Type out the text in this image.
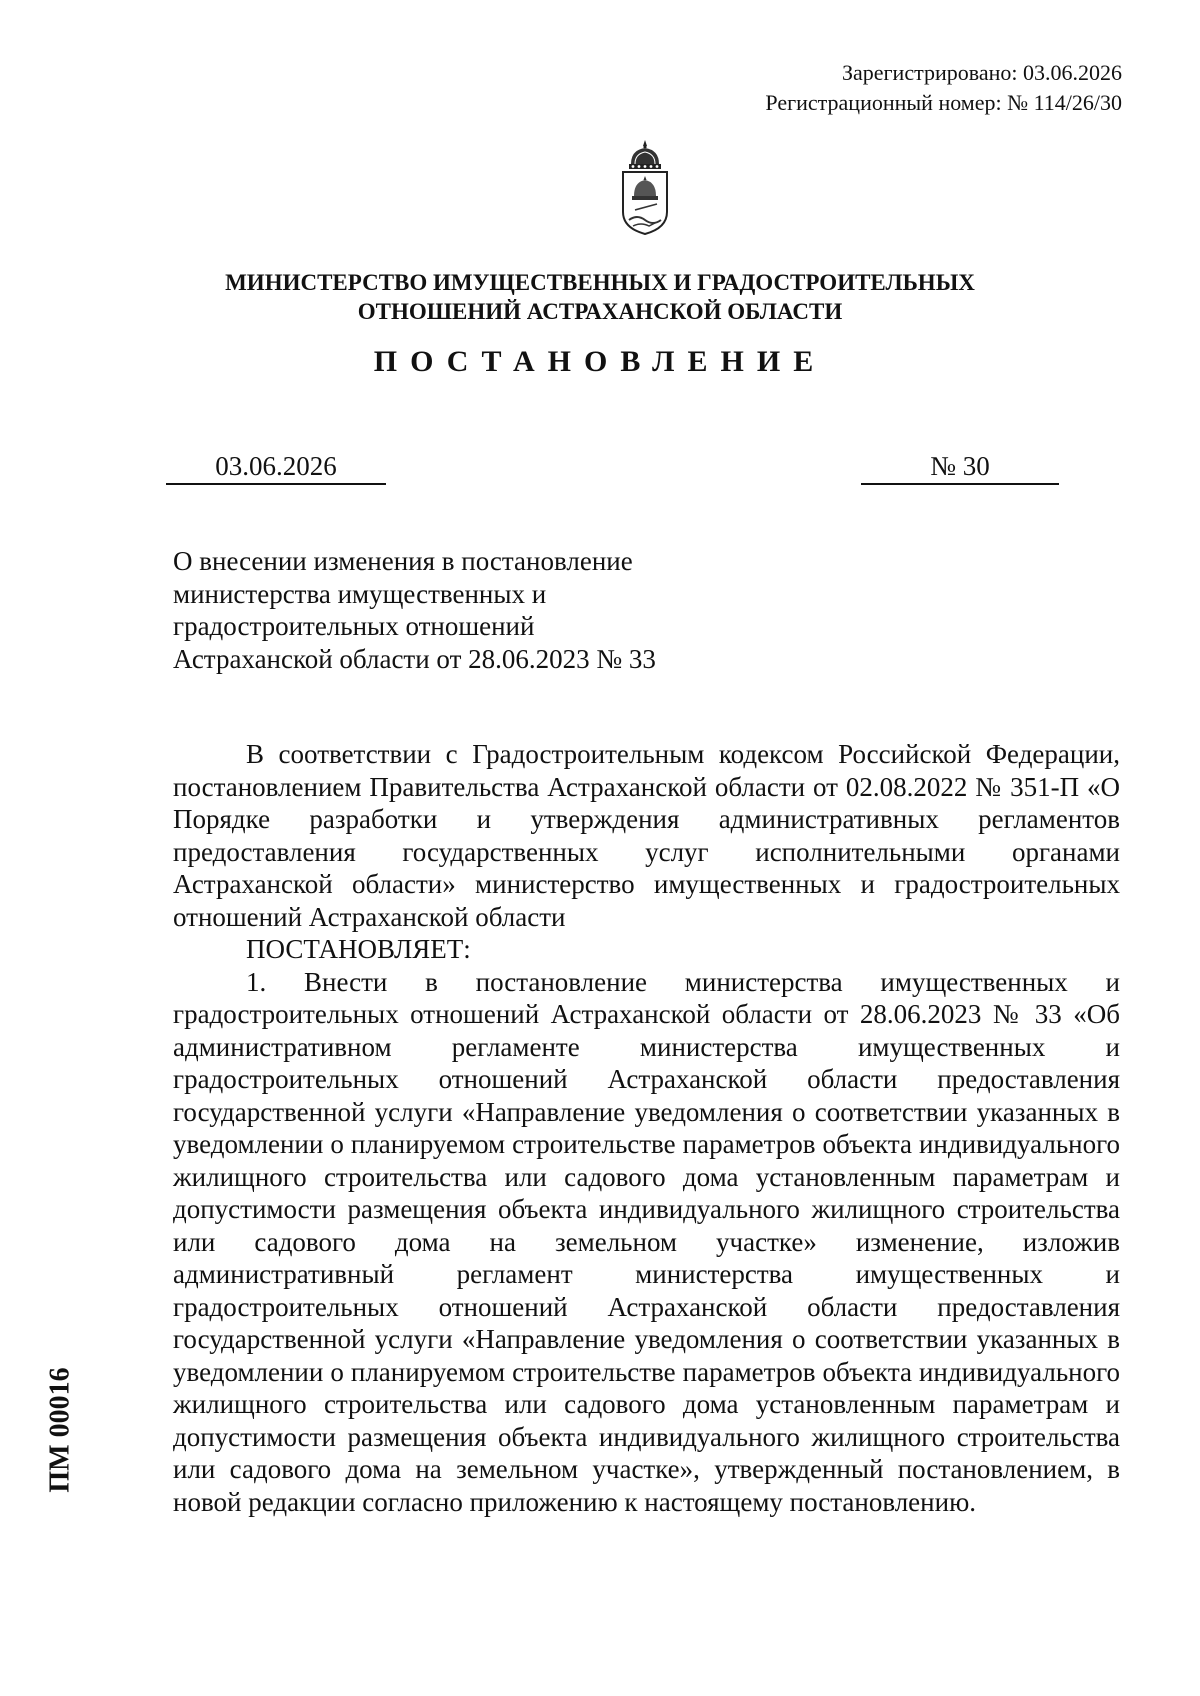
Зарегистрировано: 03.06.2026
Регистрационный номер: № 114/26/30
МИНИСТЕРСТВО ИМУЩЕСТВЕННЫХ И ГРАДОСТРОИТЕЛЬНЫХ
ОТНОШЕНИЙ АСТРАХАНСКОЙ ОБЛАСТИ
ПОСТАНОВЛЕНИЕ
03.06.2026	№ 30
О внесении изменения в постановление
министерства имущественных и
градостроительных отношений
Астраханской области от 28.06.2023 № 33

В соответствии с Градостроительным кодексом Российской Федерации, постановлением Правительства Астраханской области от 02.08.2022 № 351-П «О Порядке разработки и утверждения административных регламентов предоставления государственных услуг исполнительными органами Астраханской области» министерство имущественных и градостроительных отношений Астраханской области

ПОСТАНОВЛЯЕТ:

1. Внести в постановление министерства имущественных и градостроительных отношений Астраханской области от 28.06.2023 № 33 «Об административном регламенте министерства имущественных и градостроительных отношений Астраханской области предоставления государственной услуги «Направление уведомления о соответствии указанных в уведомлении о планируемом строительстве параметров объекта индивидуального жилищного строительства или садового дома установленным параметрам и допустимости размещения объекта индивидуального жилищного строительства или садового дома на земельном участке» изменение, изложив административный регламент министерства имущественных и градостроительных отношений Астраханской области предоставления государственной услуги «Направление уведомления о соответствии указанных в уведомлении о планируемом строительстве параметров объекта индивидуального жилищного строительства или садового дома установленным параметрам и допустимости размещения объекта индивидуального жилищного строительства или садового дома на земельном участке», утвержденный постановлением, в новой редакции согласно приложению к настоящему постановлению.

ПМ 00016
